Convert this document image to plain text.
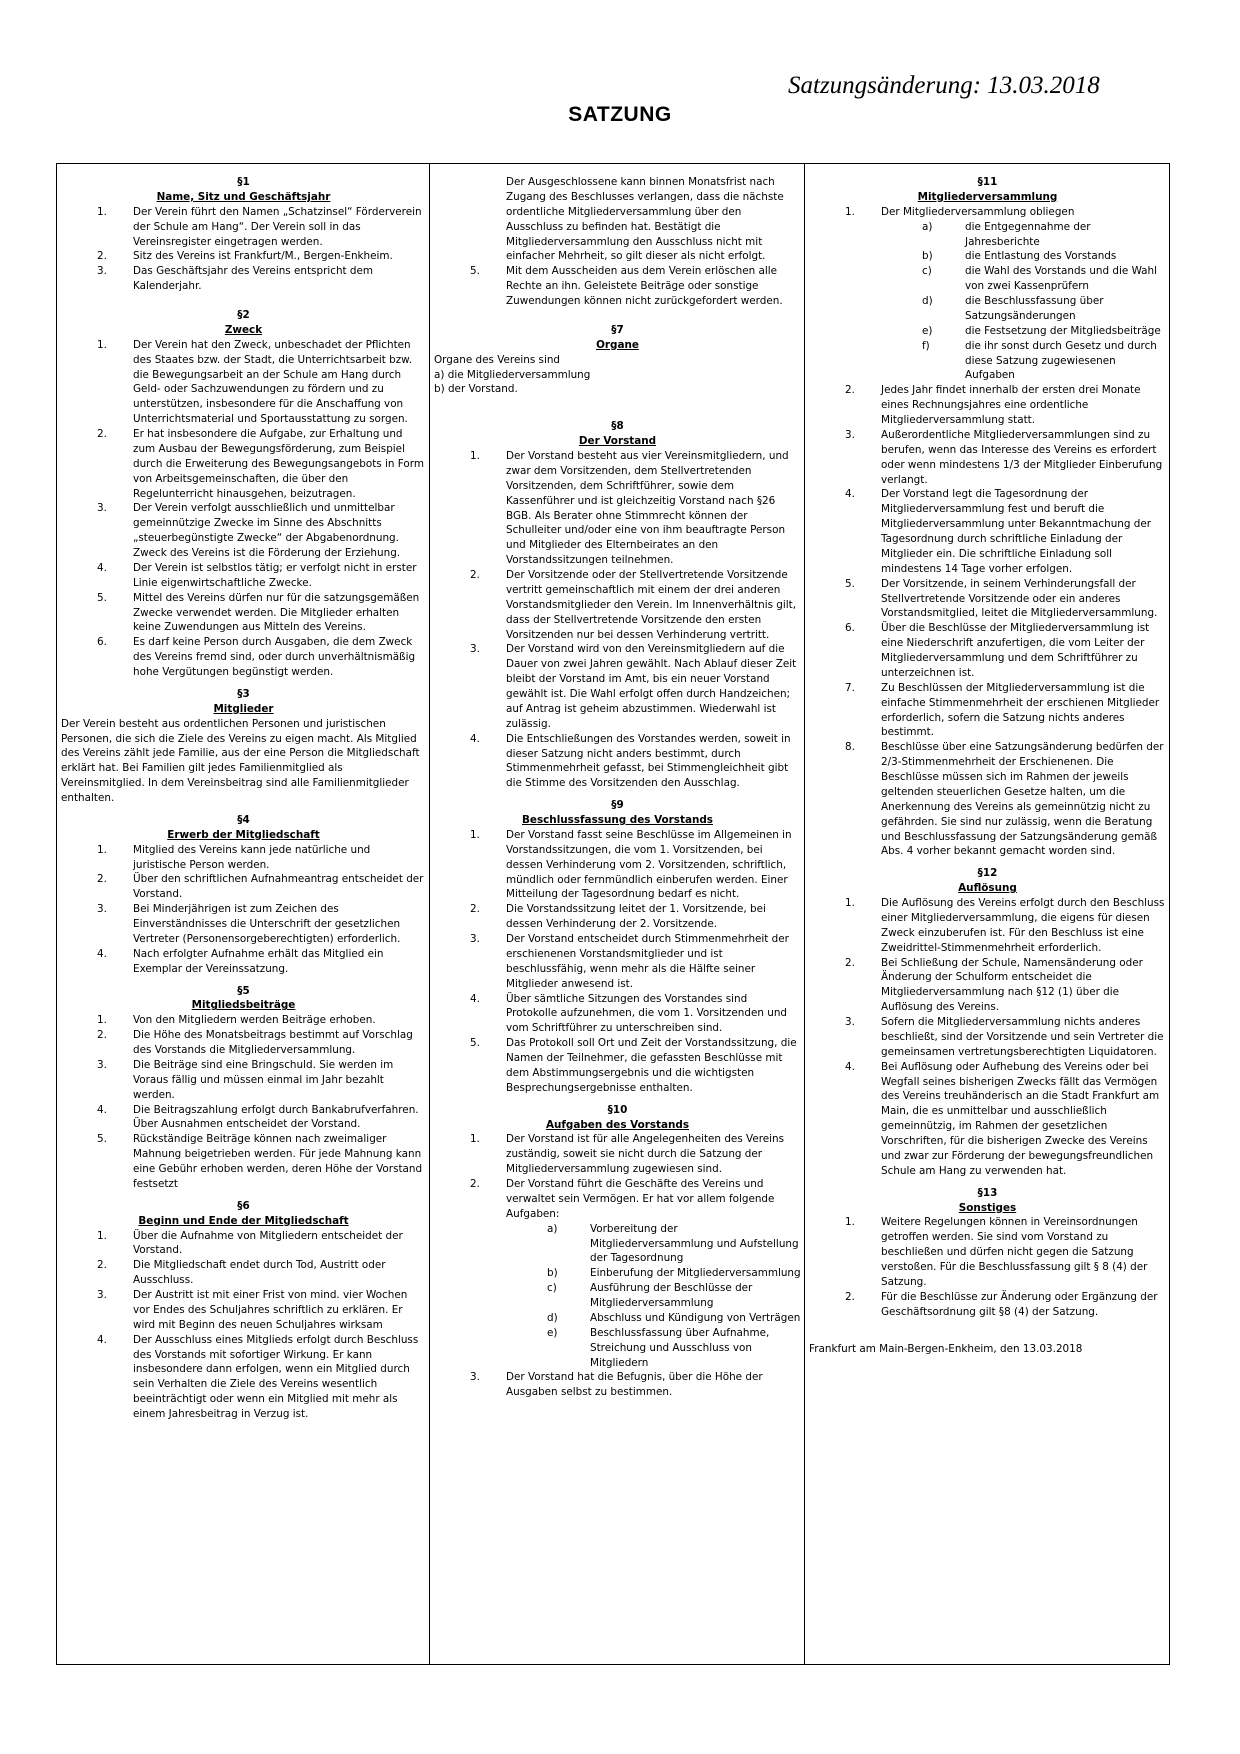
Satzungsänderung: 13.03.2018
SATZUNG
§1
Name, Sitz und Geschäftsjahr
1.	Der Verein führt den Namen „Schatzinsel“ Förderverein der Schule am Hang“. Der Verein soll in das Vereinsregister eingetragen werden.
2.	Sitz des Vereins ist Frankfurt/M., Bergen-Enkheim.
3.	Das Geschäftsjahr des Vereins entspricht dem Kalenderjahr.
§2
Zweck
1.	Der Verein hat den Zweck, unbeschadet der Pflichten des Staates bzw. der Stadt, die Unterrichtsarbeit bzw. die Bewegungsarbeit an der Schule am Hang durch Geld- oder Sachzuwendungen zu fördern und zu unterstützen, insbesondere für die Anschaffung von Unterrichtsmaterial und Sportausstattung zu sorgen.
2.	Er hat insbesondere die Aufgabe, zur Erhaltung und zum Ausbau der Bewegungsförderung, zum Beispiel durch die Erweiterung des Bewegungsangebots in Form von Arbeitsgemeinschaften, die über den Regelunterricht hinausgehen, beizutragen.
3.	Der Verein verfolgt ausschließlich und unmittelbar gemeinnützige Zwecke im Sinne des Abschnitts „steuerbegünstigte Zwecke“ der Abgabenordnung. Zweck des Vereins ist die Förderung der Erziehung.
4.	Der Verein ist selbstlos tätig; er verfolgt nicht in erster Linie eigenwirtschaftliche Zwecke.
5.	Mittel des Vereins dürfen nur für die satzungsgemäßen Zwecke verwendet werden. Die Mitglieder erhalten keine Zuwendungen aus Mitteln des Vereins.
6.	Es darf keine Person durch Ausgaben, die dem Zweck des Vereins fremd sind, oder durch unverhältnismäßig hohe Vergütungen begünstigt werden.
§3
Mitglieder

Der Verein besteht aus ordentlichen Personen und juristischen Personen, die sich die Ziele des Vereins zu eigen macht. Als Mitglied des Vereins zählt jede Familie, aus der eine Person die Mitgliedschaft erklärt hat. Bei Familien gilt jedes Familienmitglied als Vereinsmitglied. In dem Vereinsbeitrag sind alle Familienmitglieder enthalten.

§4
Erwerb der Mitgliedschaft
1.	Mitglied des Vereins kann jede natürliche und juristische Person werden.
2.	Über den schriftlichen Aufnahmeantrag entscheidet der Vorstand.
3.	Bei Minderjährigen ist zum Zeichen des Einverständnisses die Unterschrift der gesetzlichen Vertreter (Personensorgeberechtigten) erforderlich.
4.	Nach erfolgter Aufnahme erhält das Mitglied ein Exemplar der Vereinssatzung.
§5
Mitgliedsbeiträge
1.	Von den Mitgliedern werden Beiträge erhoben.
2.	Die Höhe des Monatsbeitrags bestimmt auf Vorschlag des Vorstands die Mitgliederversammlung.
3.	Die Beiträge sind eine Bringschuld. Sie werden im Voraus fällig und müssen einmal im Jahr bezahlt werden.
4.	Die Beitragszahlung erfolgt durch Bankabrufverfahren. Über Ausnahmen entscheidet der Vorstand.
5.	Rückständige Beiträge können nach zweimaliger Mahnung beigetrieben werden. Für jede Mahnung kann eine Gebühr erhoben werden, deren Höhe der Vorstand festsetzt
§6
Beginn und Ende der Mitgliedschaft
1.	Über die Aufnahme von Mitgliedern entscheidet der Vorstand.
2.	Die Mitgliedschaft endet durch Tod, Austritt oder Ausschluss.
3.	Der Austritt ist mit einer Frist von mind. vier Wochen vor Endes des Schuljahres schriftlich zu erklären. Er wird mit Beginn des neuen Schuljahres wirksam
4.	Der Ausschluss eines Mitglieds erfolgt durch Beschluss des Vorstands mit sofortiger Wirkung. Er kann insbesondere dann erfolgen, wenn ein Mitglied durch sein Verhalten die Ziele des Vereins wesentlich beeinträchtigt oder wenn ein Mitglied mit mehr als einem Jahresbeitrag in Verzug ist.
Der Ausgeschlossene kann binnen Monatsfrist nach Zugang des Beschlusses verlangen, dass die nächste ordentliche Mitgliederversammlung über den Ausschluss zu befinden hat. Bestätigt die Mitgliederversammlung den Ausschluss nicht mit einfacher Mehrheit, so gilt dieser als nicht erfolgt.
5.	Mit dem Ausscheiden aus dem Verein erlöschen alle Rechte an ihn. Geleistete Beiträge oder sonstige Zuwendungen können nicht zurückgefordert werden.
§7
Organe
Organe des Vereins sind
a) die Mitgliederversammlung
b) der Vorstand.
§8
Der Vorstand
1.	Der Vorstand besteht aus vier Vereinsmitgliedern, und zwar dem Vorsitzenden, dem Stellvertretenden Vorsitzenden, dem Schriftführer, sowie dem Kassenführer und ist gleichzeitig Vorstand nach §26 BGB. Als Berater ohne Stimmrecht können der Schulleiter und/oder eine von ihm beauftragte Person und Mitglieder des Elternbeirates an den Vorstandssitzungen teilnehmen.
2.	Der Vorsitzende oder der Stellvertretende Vorsitzende vertritt gemeinschaftlich mit einem der drei anderen Vorstandsmitglieder den Verein. Im Innenverhältnis gilt, dass der Stellvertretende Vorsitzende den ersten Vorsitzenden nur bei dessen Verhinderung vertritt.
3.	Der Vorstand wird von den Vereinsmitgliedern auf die Dauer von zwei Jahren gewählt. Nach Ablauf dieser Zeit bleibt der Vorstand im Amt, bis ein neuer Vorstand gewählt ist. Die Wahl erfolgt offen durch Handzeichen; auf Antrag ist geheim abzustimmen. Wiederwahl ist zulässig.
4.	Die Entschließungen des Vorstandes werden, soweit in dieser Satzung nicht anders bestimmt, durch Stimmenmehrheit gefasst, bei Stimmengleichheit gibt die Stimme des Vorsitzenden den Ausschlag.
§9
Beschlussfassung des Vorstands
1.	Der Vorstand fasst seine Beschlüsse im Allgemeinen in Vorstandssitzungen, die vom 1. Vorsitzenden, bei dessen Verhinderung vom 2. Vorsitzenden, schriftlich, mündlich oder fernmündlich einberufen werden. Einer Mitteilung der Tagesordnung bedarf es nicht.
2.	Die Vorstandssitzung leitet der 1. Vorsitzende, bei dessen Verhinderung der 2. Vorsitzende.
3.	Der Vorstand entscheidet durch Stimmenmehrheit der erschienenen Vorstandsmitglieder und ist beschlussfähig, wenn mehr als die Hälfte seiner Mitglieder anwesend ist.
4.	Über sämtliche Sitzungen des Vorstandes sind Protokolle aufzunehmen, die vom 1. Vorsitzenden und vom Schriftführer zu unterschreiben sind.
5.	Das Protokoll soll Ort und Zeit der Vorstandssitzung, die Namen der Teilnehmer, die gefassten Beschlüsse mit dem Abstimmungsergebnis und die wichtigsten Besprechungsergebnisse enthalten.
§10
Aufgaben des Vorstands
1.	Der Vorstand ist für alle Angelegenheiten des Vereins zuständig, soweit sie nicht durch die Satzung der Mitgliederversammlung zugewiesen sind.
2.	Der Vorstand führt die Geschäfte des Vereins und verwaltet sein Vermögen. Er hat vor allem folgende Aufgaben:
a)	Vorbereitung der Mitgliederversammlung und Aufstellung der Tagesordnung
b)	Einberufung der Mitgliederversammlung
c)	Ausführung der Beschlüsse der Mitgliederversammlung
d)	Abschluss und Kündigung von Verträgen
e)	Beschlussfassung über Aufnahme, Streichung und Ausschluss von Mitgliedern
3.	Der Vorstand hat die Befugnis, über die Höhe der Ausgaben selbst zu bestimmen.
§11
Mitgliederversammlung
1.	Der Mitgliederversammlung obliegen
a)	die Entgegennahme der Jahresberichte
b)	die Entlastung des Vorstands
c)	die Wahl des Vorstands und die Wahl von zwei Kassenprüfern
d)	die Beschlussfassung über Satzungsänderungen
e)	die Festsetzung der Mitgliedsbeiträge
f)	die ihr sonst durch Gesetz und durch diese Satzung zugewiesenen Aufgaben
2.	Jedes Jahr findet innerhalb der ersten drei Monate eines Rechnungsjahres eine ordentliche Mitgliederversammlung statt.
3.	Außerordentliche Mitgliederversammlungen sind zu berufen, wenn das Interesse des Vereins es erfordert oder wenn mindestens 1/3 der Mitglieder Einberufung verlangt.
4.	Der Vorstand legt die Tagesordnung der Mitgliederversammlung fest und beruft die Mitgliederversammlung unter Bekanntmachung der Tagesordnung durch schriftliche Einladung der Mitglieder ein. Die schriftliche Einladung soll mindestens 14 Tage vorher erfolgen.
5.	Der Vorsitzende, in seinem Verhinderungsfall der Stellvertretende Vorsitzende oder ein anderes Vorstandsmitglied, leitet die Mitgliederversammlung.
6.	Über die Beschlüsse der Mitgliederversammlung ist eine Niederschrift anzufertigen, die vom Leiter der Mitgliederversammlung und dem Schriftführer zu unterzeichnen ist.
7.	Zu Beschlüssen der Mitgliederversammlung ist die einfache Stimmenmehrheit der erschienen Mitglieder erforderlich, sofern die Satzung nichts anderes bestimmt.
8.	Beschlüsse über eine Satzungsänderung bedürfen der 2/3-Stimmenmehrheit der Erschienenen. Die Beschlüsse müssen sich im Rahmen der jeweils geltenden steuerlichen Gesetze halten, um die Anerkennung des Vereins als gemeinnützig nicht zu gefährden. Sie sind nur zulässig, wenn die Beratung und Beschlussfassung der Satzungsänderung gemäß Abs. 4 vorher bekannt gemacht worden sind.
§12
Auflösung
1.	Die Auflösung des Vereins erfolgt durch den Beschluss einer Mitgliederversammlung, die eigens für diesen Zweck einzuberufen ist. Für den Beschluss ist eine Zweidrittel-Stimmenmehrheit erforderlich.
2.	Bei Schließung der Schule, Namensänderung oder Änderung der Schulform entscheidet die Mitgliederversammlung nach §12 (1) über die Auflösung des Vereins.
3.	Sofern die Mitgliederversammlung nichts anderes beschließt, sind der Vorsitzende und sein Vertreter die gemeinsamen vertretungsberechtigten Liquidatoren.
4.	Bei Auflösung oder Aufhebung des Vereins oder bei Wegfall seines bisherigen Zwecks fällt das Vermögen des Vereins treuhänderisch an die Stadt Frankfurt am Main, die es unmittelbar und ausschließlich gemeinnützig, im Rahmen der gesetzlichen Vorschriften, für die bisherigen Zwecke des Vereins und zwar zur Förderung der bewegungsfreundlichen Schule am Hang zu verwenden hat.
§13
Sonstiges
1.	Weitere Regelungen können in Vereinsordnungen getroffen werden. Sie sind vom Vorstand zu beschließen und dürfen nicht gegen die Satzung verstoßen. Für die Beschlussfassung gilt § 8 (4) der Satzung.
2.	Für die Beschlüsse zur Änderung oder Ergänzung der Geschäftsordnung gilt §8 (4) der Satzung.
Frankfurt am Main-Bergen-Enkheim, den 13.03.2018
